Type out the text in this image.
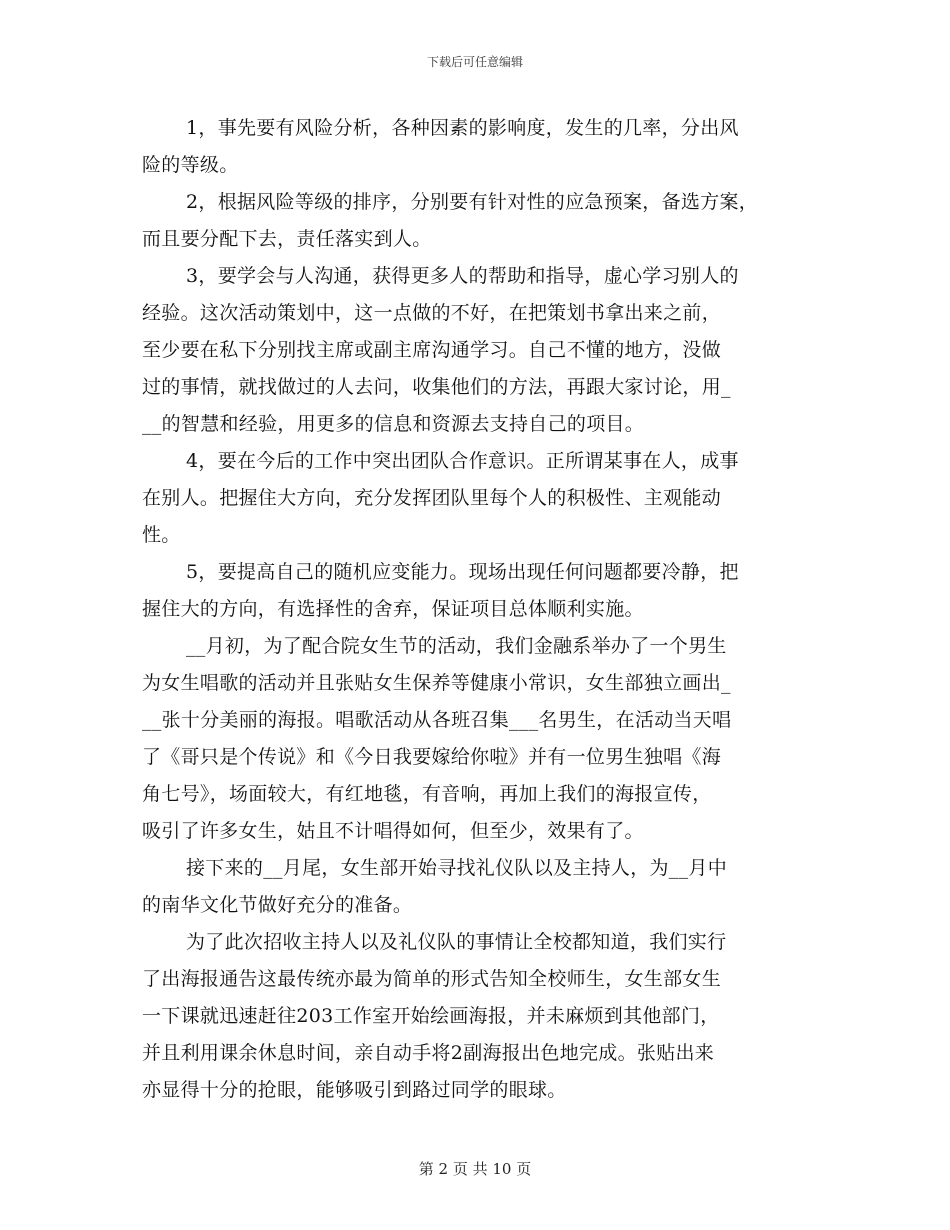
下载后可任意编辑
1，事先要有风险分析，各种因素的影响度，发生的几率，分出风
险的等级。
2，根据风险等级的排序，分别要有针对性的应急预案，备选方案，
而且要分配下去，责任落实到人。
3，要学会与人沟通，获得更多人的帮助和指导，虚心学习别人的
经验。这次活动策划中，这一点做的不好，在把策划书拿出来之前，
至少要在私下分别找主席或副主席沟通学习。自己不懂的地方，没做
过的事情，就找做过的人去问，收集他们的方法，再跟大家讨论，用_
__的智慧和经验，用更多的信息和资源去支持自己的项目。
4，要在今后的工作中突出团队合作意识。正所谓某事在人，成事
在别人。把握住大方向，充分发挥团队里每个人的积极性、主观能动
性。
5，要提高自己的随机应变能力。现场出现任何问题都要冷静，把
握住大的方向，有选择性的舍弃，保证项目总体顺利实施。
__月初，为了配合院女生节的活动，我们金融系举办了一个男生
为女生唱歌的活动并且张贴女生保养等健康小常识，女生部独立画出_
__张十分美丽的海报。唱歌活动从各班召集___名男生，在活动当天唱
了《哥只是个传说》和《今日我要嫁给你啦》并有一位男生独唱《海
角七号》，场面较大，有红地毯，有音响，再加上我们的海报宣传，
吸引了许多女生，姑且不计唱得如何，但至少，效果有了。
接下来的__月尾，女生部开始寻找礼仪队以及主持人，为__月中
的南华文化节做好充分的准备。
为了此次招收主持人以及礼仪队的事情让全校都知道，我们实行
了出海报通告这最传统亦最为简单的形式告知全校师生，女生部女生
一下课就迅速赶往203工作室开始绘画海报，并未麻烦到其他部门，
并且利用课余休息时间，亲自动手将2副海报出色地完成。张贴出来
亦显得十分的抢眼，能够吸引到路过同学的眼球。
第 2 页 共 10 页
